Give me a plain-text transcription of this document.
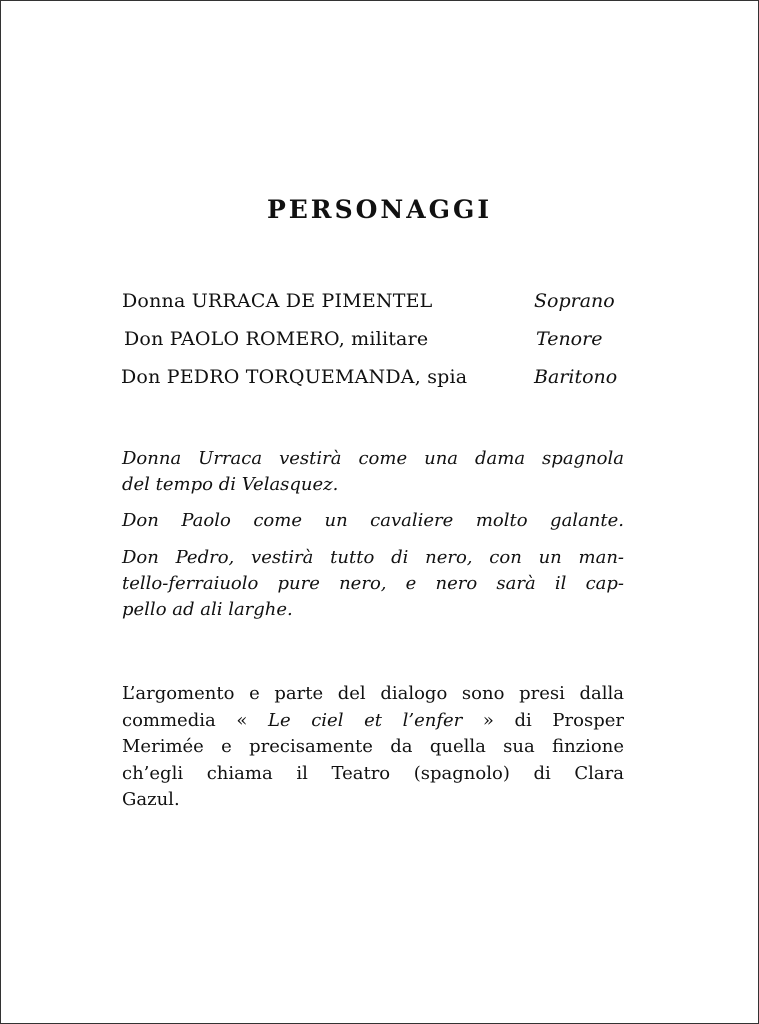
PERSONAGGI
Donna URRACA DE PIMENTEL	Soprano
Don PAOLO ROMERO, militare	Tenore
Don PEDRO TORQUEMANDA, spia	Baritono

Donna Urraca vestirà come una dama spagnola
del tempo di Velasquez.

Don Paolo come un cavaliere molto galante.

Don Pedro, vestirà tutto di nero, con un man-
tello-ferraiuolo pure nero, e nero sarà il cap-
pello ad ali larghe.

L’argomento e parte del dialogo sono presi dalla
commedia « Le ciel et l’enfer » di Prosper
Merimée e precisamente da quella sua finzione
ch’egli chiama il Teatro (spagnolo) di Clara
Gazul.
